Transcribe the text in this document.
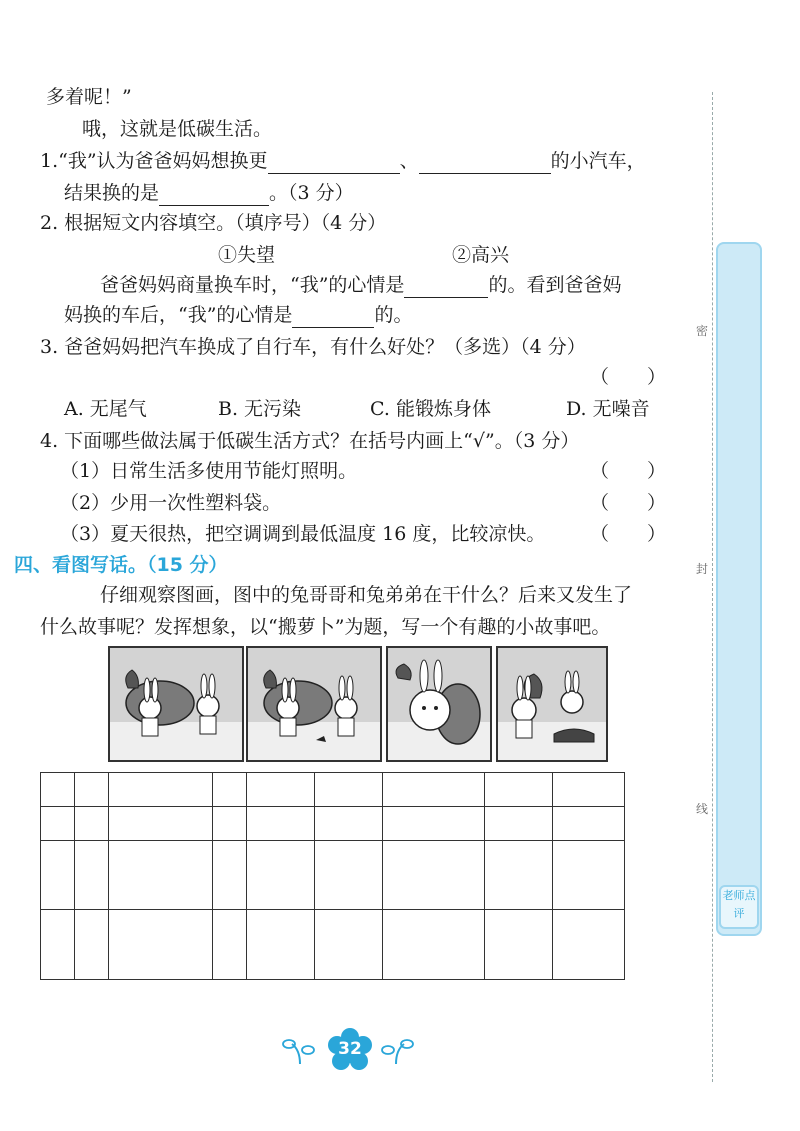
多着呢！”
哦，这就是低碳生活。
1.“我”认为爸爸妈妈想换更	、	的小汽车，
结果换的是	。（3 分）
2. 根据短文内容填空。（填序号）（4 分）
①失望	②高兴
爸爸妈妈商量换车时，“我”的心情是	的。看到爸爸妈
妈换的车后，“我”的心情是	的。
3. 爸爸妈妈把汽车换成了自行车，有什么好处？（多选）（4 分）
（　　）
A. 无尾气	B. 无污染	C. 能锻炼身体	D. 无噪音
4. 下面哪些做法属于低碳生活方式？在括号内画上“√”。（3 分）
（1）日常生活多使用节能灯照明。	（　　）
（2）少用一次性塑料袋。	（　　）
（3）夏天很热，把空调调到最低温度 16 度，比较凉快。 （　　）
四、看图写话。（15 分）
仔细观察图画，图中的兔哥哥和兔弟弟在干什么？后来又发生了
什么故事呢？发挥想象，以“搬萝卜”为题，写一个有趣的小故事吧。

密
封
线
老师点评
32
